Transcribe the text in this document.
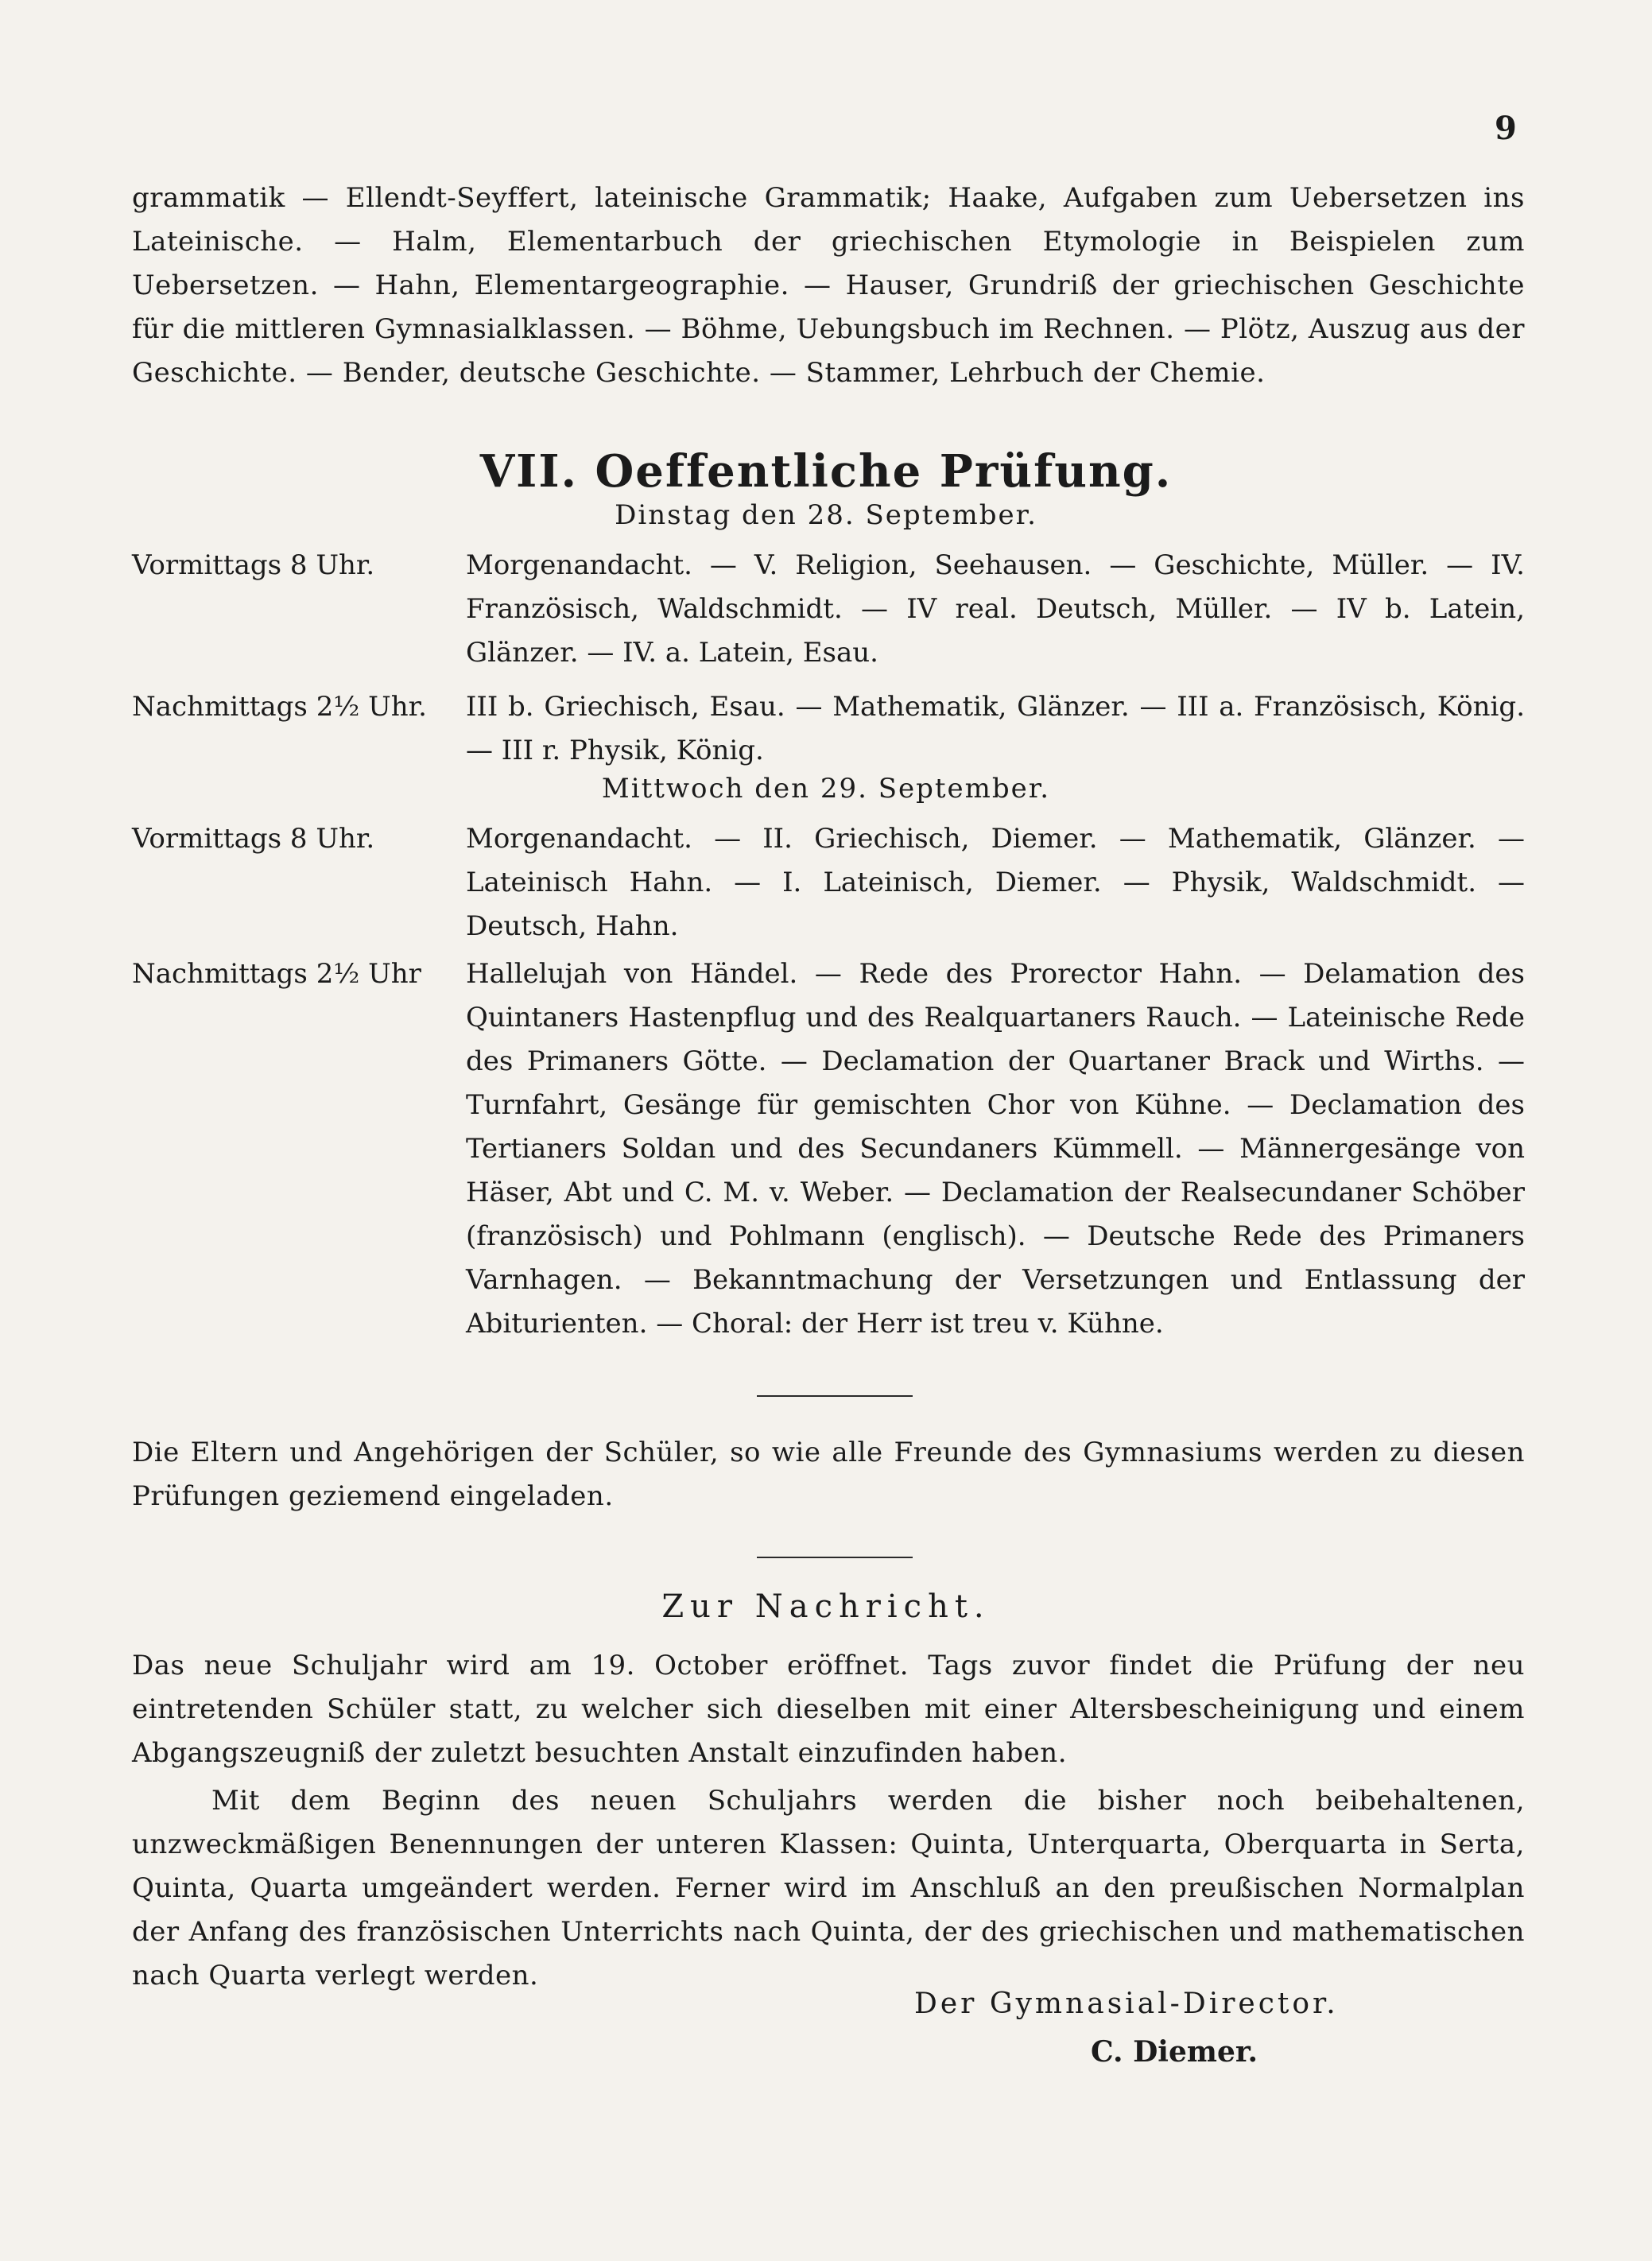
9
grammatik — Ellendt-Seyffert, lateinische Grammatik; Haake, Aufgaben zum Uebersetzen ins Lateinische. — Halm, Elementarbuch der griechischen Etymologie in Beispielen zum Uebersetzen. — Hahn, Elementargeographie. — Hauser, Grundriß der griechischen Geschichte für die mittleren Gymnasialklassen. — Böhme, Uebungsbuch im Rechnen. — Plötz, Auszug aus der Geschichte. — Bender, deutsche Geschichte. — Stammer, Lehrbuch der Chemie.
VII. Oeffentliche Prüfung.
Dinstag den 28. September.
Vormittags 8 Uhr.	Morgenandacht. — V. Religion, Seehausen. — Geschichte, Müller. — IV. Französisch, Waldschmidt. — IV real. Deutsch, Müller. — IV b. Latein, Glänzer. — IV. a. Latein, Esau.
Nachmittags 2½ Uhr.	III b. Griechisch, Esau. — Mathematik, Glänzer. — III a. Französisch, König. — III r. Physik, König.
Mittwoch den 29. September.
Vormittags 8 Uhr.	Morgenandacht. — II. Griechisch, Diemer. — Mathematik, Glänzer. — Lateinisch Hahn. — I. Lateinisch, Diemer. — Physik, Waldschmidt. — Deutsch, Hahn.
Nachmittags 2½ Uhr	Hallelujah von Händel. — Rede des Prorector Hahn. — Delamation des Quintaners Hastenpflug und des Realquartaners Rauch. — Lateinische Rede des Primaners Götte. — Declamation der Quartaner Brack und Wirths. — Turnfahrt, Gesänge für gemischten Chor von Kühne. — Declamation des Tertianers Soldan und des Secundaners Kümmell. — Männergesänge von Häser, Abt und C. M. v. Weber. — Declamation der Realsecundaner Schöber (französisch) und Pohlmann (englisch). — Deutsche Rede des Primaners Varnhagen. — Bekanntmachung der Versetzungen und Entlassung der Abiturienten. — Choral: der Herr ist treu v. Kühne.
Die Eltern und Angehörigen der Schüler, so wie alle Freunde des Gymnasiums werden zu diesen Prüfungen geziemend eingeladen.
Zur Nachricht.
Das neue Schuljahr wird am 19. October eröffnet. Tags zuvor findet die Prüfung der neu eintretenden Schüler statt, zu welcher sich dieselben mit einer Altersbescheinigung und einem Abgangszeugniß der zuletzt besuchten Anstalt einzufinden haben.
Mit dem Beginn des neuen Schuljahrs werden die bisher noch beibehaltenen, unzweckmäßigen Benennungen der unteren Klassen: Quinta, Unterquarta, Oberquarta in Serta, Quinta, Quarta umgeändert werden. Ferner wird im Anschluß an den preußischen Normalplan der Anfang des französischen Unterrichts nach Quinta, der des griechischen und mathematischen nach Quarta verlegt werden.
Der Gymnasial-Director.
C. Diemer.
